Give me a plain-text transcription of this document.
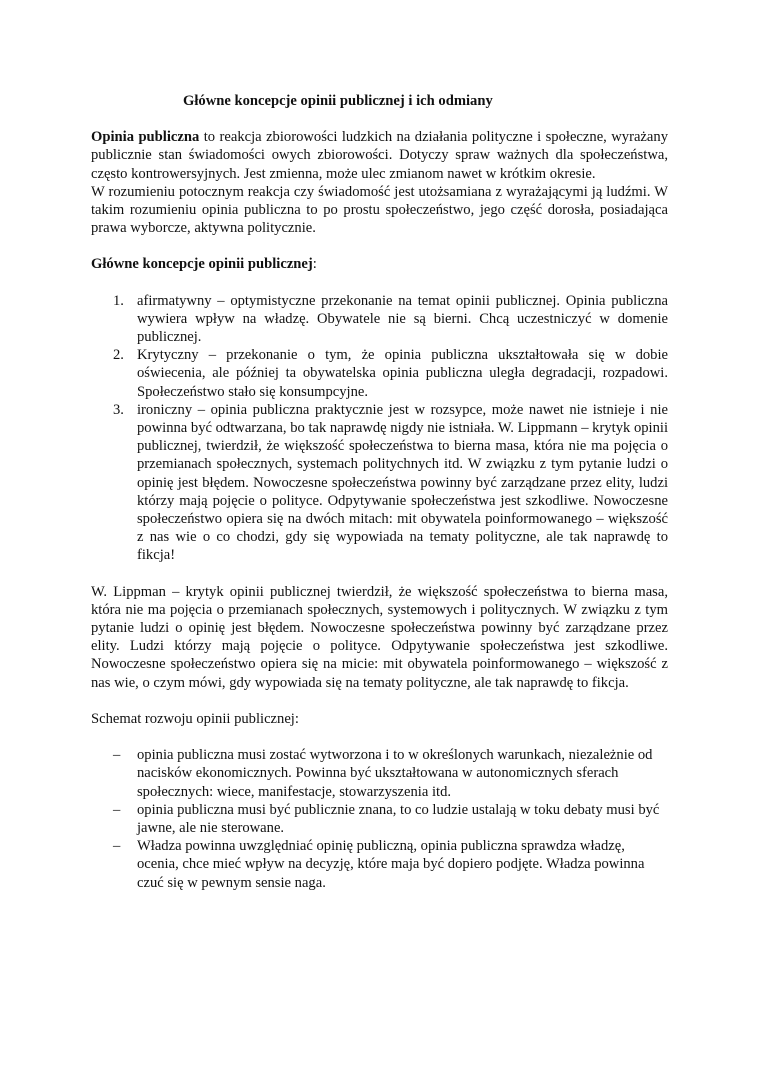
Główne koncepcje opinii publicznej i ich odmiany

Opinia publiczna to reakcja zbiorowości ludzkich na działania polityczne i społeczne, wyrażany publicznie stan świadomości owych zbiorowości. Dotyczy spraw ważnych dla społeczeństwa, często kontrowersyjnych. Jest zmienna, może ulec zmianom nawet w krótkim okresie.

W rozumieniu potocznym reakcja czy świadomość jest utożsamiana z wyrażającymi ją ludźmi. W takim rozumieniu opinia publiczna to po prostu społeczeństwo, jego część dorosła, posiadająca prawa wyborcze, aktywna politycznie.

Główne koncepcje opinii publicznej:

1. afirmatywny – optymistyczne przekonanie na temat opinii publicznej. Opinia publiczna wywiera wpływ na władzę. Obywatele nie są bierni. Chcą uczestniczyć w domenie publicznej.
2. Krytyczny – przekonanie o tym, że opinia publiczna ukształtowała się w dobie oświecenia, ale później ta obywatelska opinia publiczna uległa degradacji, rozpadowi. Społeczeństwo stało się konsumpcyjne.
3. ironiczny – opinia publiczna praktycznie jest w rozsypce, może nawet nie istnieje i nie powinna być odtwarzana, bo tak naprawdę nigdy nie istniała. W. Lippmann – krytyk opinii publicznej, twierdził, że większość społeczeństwa to bierna masa, która nie ma pojęcia o przemianach społecznych, systemach politychnych itd. W związku z tym pytanie ludzi o opinię jest błędem. Nowoczesne społeczeństwa powinny być zarządzane przez elity, ludzi którzy mają pojęcie o polityce. Odpytywanie społeczeństwa jest szkodliwe. Nowoczesne społeczeństwo opiera się na dwóch mitach: mit obywatela poinformowanego – większość z nas wie o co chodzi, gdy się wypowiada na tematy polityczne, ale tak naprawdę to fikcja!

W. Lippman – krytyk opinii publicznej twierdził, że większość społeczeństwa to bierna masa, która nie ma pojęcia o przemianach społecznych, systemowych i politycznych. W związku z tym pytanie ludzi o opinię jest błędem. Nowoczesne społeczeństwa powinny być zarządzane przez elity. Ludzi którzy mają pojęcie o polityce. Odpytywanie społeczeństwa jest szkodliwe. Nowoczesne społeczeństwo opiera się na micie: mit obywatela poinformowanego – większość z nas wie, o czym mówi, gdy wypowiada się na tematy polityczne, ale tak naprawdę to fikcja.

Schemat rozwoju opinii publicznej:

– opinia publiczna musi zostać wytworzona i to w określonych warunkach, niezależnie od nacisków ekonomicznych. Powinna być ukształtowana w autonomicznych sferach społecznych: wiece, manifestacje, stowarzyszenia itd.
– opinia publiczna musi być publicznie znana, to co ludzie ustalają w toku debaty musi być jawne, ale nie sterowane.
– Władza powinna uwzględniać opinię publiczną, opinia publiczna sprawdza władzę, ocenia, chce mieć wpływ na decyzję, które maja być dopiero podjęte. Władza powinna czuć się w pewnym sensie naga.
